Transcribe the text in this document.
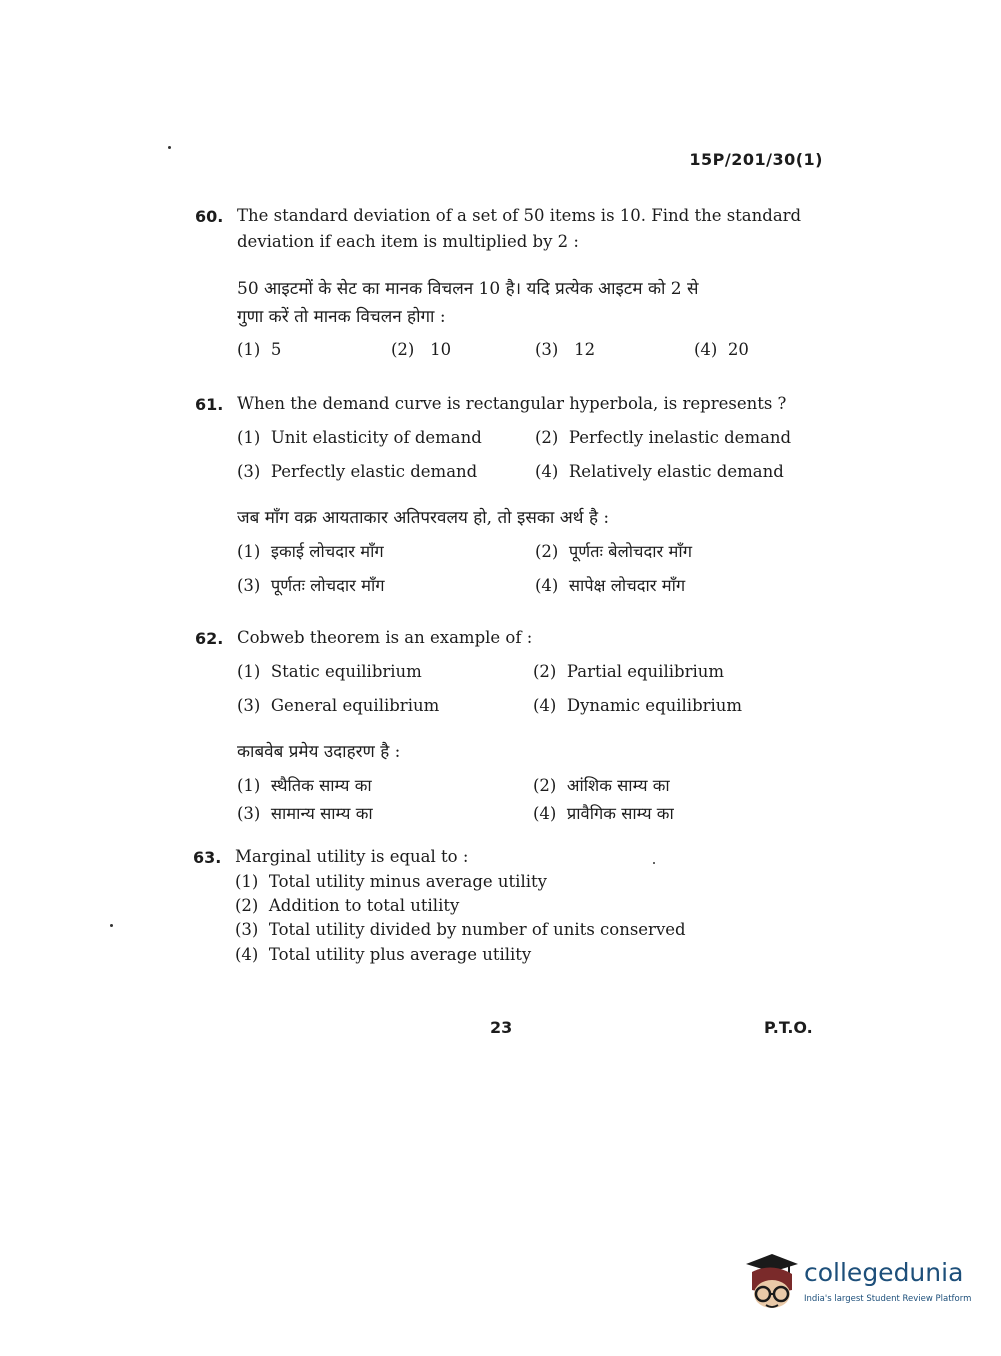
15P/201/30(1)
60. The standard deviation of a set of 50 items is 10. Find the standard
deviation if each item is multiplied by 2 :
50 आइटमों के सेट का मानक विचलन 10 है। यदि प्रत्येक आइटम को 2 से
गुणा करें तो मानक विचलन होगा :
(1) 5	(2) 10	(3) 12	(4) 20
61. When the demand curve is rectangular hyperbola, is represents ?
(1) Unit elasticity of demand	(2) Perfectly inelastic demand
(3) Perfectly elastic demand	(4) Relatively elastic demand
जब माँग वक्र आयताकार अतिपरवलय हो, तो इसका अर्थ है :
(1) इकाई लोचदार माँग	(2) पूर्णतः बेलोचदार माँग
(3) पूर्णतः लोचदार माँग	(4) सापेक्ष लोचदार माँग
62. Cobweb theorem is an example of :
(1) Static equilibrium	(2) Partial equilibrium
(3) General equilibrium	(4) Dynamic equilibrium
काबवेब प्रमेय उदाहरण है :
(1) स्थैतिक साम्य का	(2) आंशिक साम्य का
(3) सामान्य साम्य का	(4) प्रावैगिक साम्य का
63. Marginal utility is equal to :
(1) Total utility minus average utility
(2) Addition to total utility
(3) Total utility divided by number of units conserved
(4) Total utility plus average utility
23	P.T.O.
collegedunia
India's largest Student Review Platform
